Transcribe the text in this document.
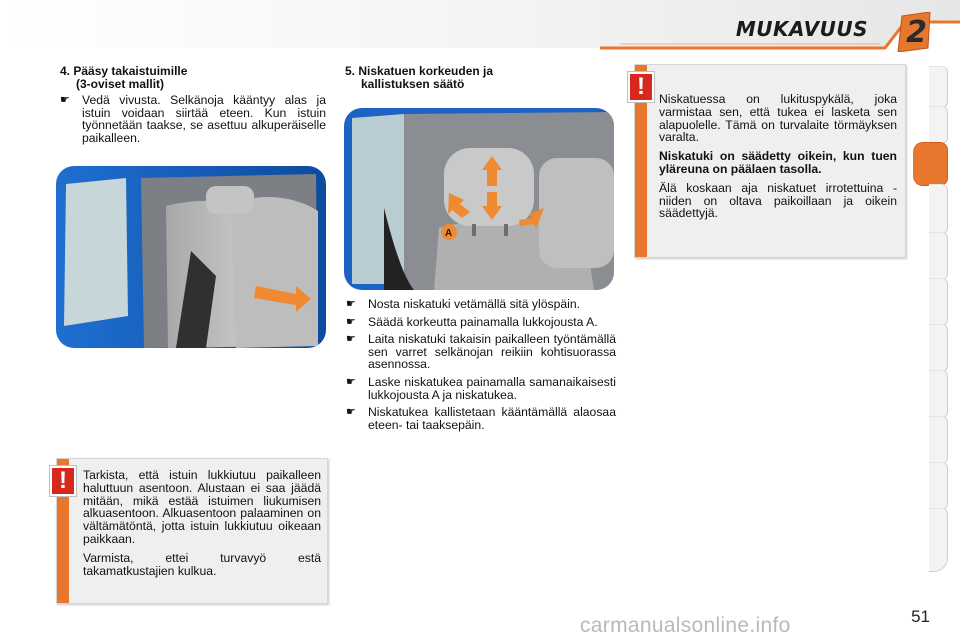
MUKAVUUS 2
4. Pääsy takaistuimille
(3-oviset mallit)
☛ Vedä vivusta. Selkänoja kääntyy alas ja istuin voidaan siirtää eteen. Kun istuin työnnetään taakse, se asettuu alkuperäiselle paikalleen.

Tarkista, että istuin lukkiutuu paikalleen haluttuun asentoon. Alustaan ei saa jäädä mitään, mikä estää istuimen liukumisen alkuasentoon. Alkuasentoon palaaminen on vältämätöntä, jotta istuin lukkiutuu oikeaan paikkaan.

Varmista, ettei turvavyö estä takamatkustajien kulkua.

!
5. Niskatuen korkeuden ja
kallistuksen säätö
A
☛ Nosta niskatuki vetämällä sitä ylöspäin.
☛ Säädä korkeutta painamalla lukkojousta A.
☛ Laita niskatuki takaisin paikalleen työntämällä sen varret selkänojan reikiin kohtisuorassa asennossa.
☛ Laske niskatukea painamalla samanaikaisesti lukkojousta A ja niskatukea.
☛ Niskatukea kallistetaan kääntämällä alaosaa eteen- tai taaksepäin.

Niskatuessa on lukitusрykälä, joka varmistaa sen, että tukea ei lasketa sen alapuolelle. Tämä on turvalaite törmäyksen varalta.

Niskatuki on säädetty oikein, kun tuen yläreuna on päälaen tasolla.

Älä koskaan aja niskatuet irrotettuina - niiden on oltava paikoillaan ja oikein säädettyjä.

!
carmanualsonline.info	51
